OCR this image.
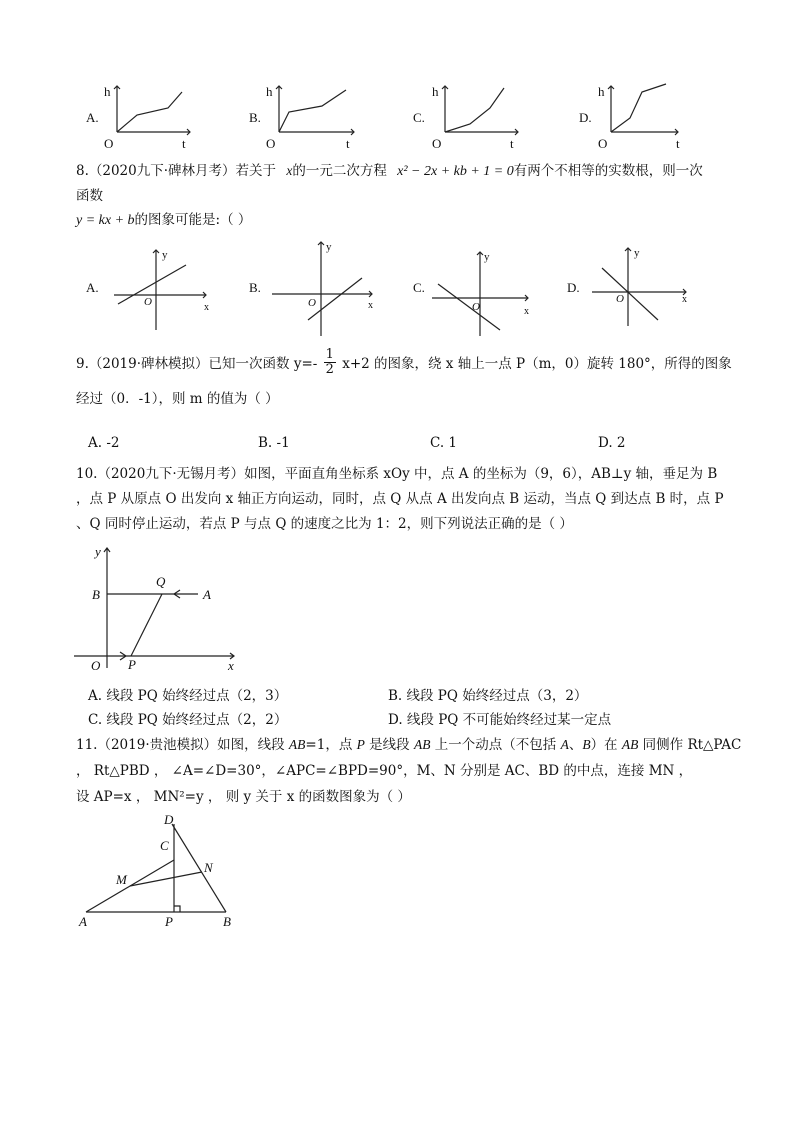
A.
h
t
O
B.
h
t
O
C.
h
t
O
D.
h
t
O
8.（2020九下·碑林月考）若关于 x的一元二次方程 x² − 2x + kb + 1 = 0有两个不相等的实数根，则一次
函数
y = kx + b的图象可能是:（ ）
A.
y
x
O
B.
y
x
O
C.
y
x
O
D.
y
x
O
9.（2019·碑林模拟）已知一次函数 $y=- \frac{1}{2} x+2$ 的图象，绕 x 轴上一点 P（m，0）旋转 180°，所得的图象
经过（0．-1），则 m 的值为（ ）
A. -2	B. -1	C. 1	D. 2
10.（2020九下·无锡月考）如图，平面直角坐标系 xOy 中，点 A 的坐标为（9，6），AB⊥y 轴，垂足为 B
，点 P 从原点 O 出发向 x 轴正方向运动，同时，点 Q 从点 A 出发向点 B 运动，当点 Q 到达点 B 时，点 P
、Q 同时停止运动，若点 P 与点 Q 的速度之比为 1：2，则下列说法正确的是（ ）
y
x
O
B
Q
A
P
A. 线段 PQ 始终经过点（2，3）	B. 线段 PQ 始终经过点（3，2）
C. 线段 PQ 始终经过点（2，2）	D. 线段 PQ 不可能始终经过某一定点
11.（2019·贵池模拟）如图，线段 AB=1，点 P 是线段 AB 上一个动点（不包括 A、B）在 AB 同侧作 Rt△PAC
， Rt△PBD ， ∠A=∠D=30°，∠APC=∠BPD=90°，M、N 分别是 AC、BD 的中点，连接 MN ，
设 AP=x ， MN²=y ， 则 y 关于 x 的函数图象为（ ）
D
C
M
N
A	P	B
